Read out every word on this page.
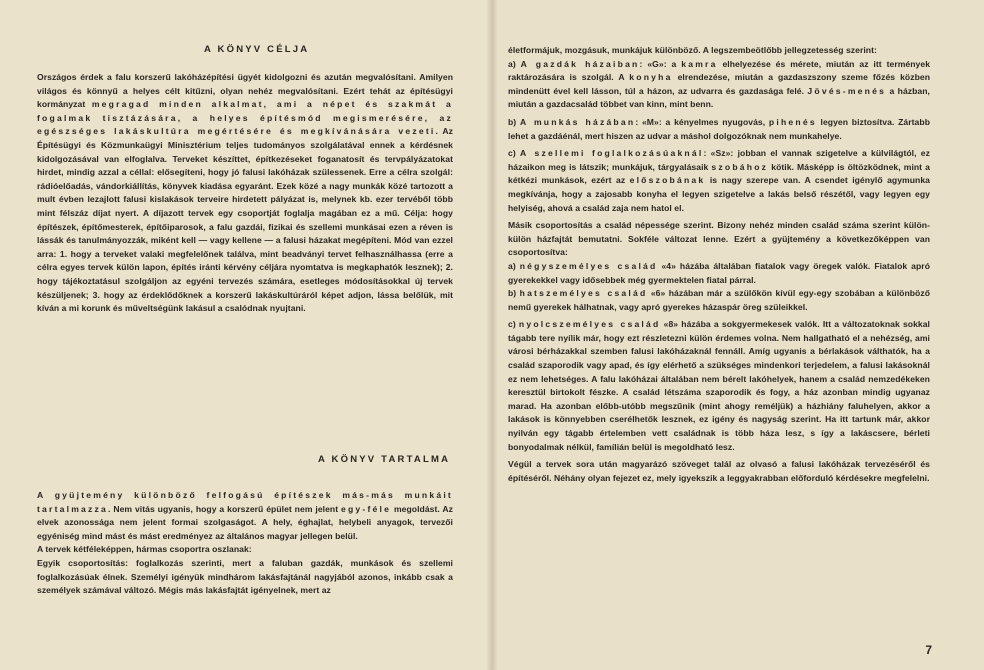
A KÖNYV CÉLJA

Országos érdek a falu korszerű lakóházépítési ügyét kidolgozni és azután megvalósítani. Amilyen világos és könnyű a helyes célt kitűzni, olyan nehéz megvalósítani. Ezért tehát az építésügyi kormányzat megragad minden alkalmat, ami a népet és szakmát a fogalmak tisztázására, a helyes építésmód megismerésére, az egészséges lakáskultúra megértésére és megkívánására vezeti. Az Építésügyi és Közmunkaügyi Minisztérium teljes tudományos szolgálatával ennek a kérdésnek kidolgozásával van elfoglalva. Terveket készíttet, építkezéseket foganatosít és tervpályázatokat hirdet, mindig azzal a céllal: elősegíteni, hogy jó falusi lakóházak szülessenek. Erre a célra szolgál: rádióelőadás, vándorkiállítás, könyvek kiadása egyaránt. Ezek közé a nagy munkák közé tartozott a mult évben lezajlott falusi kislakások terveire hirdetett pályázat is, melynek kb. ezer tervéből több mint félszáz díjat nyert. A díjazott tervek egy csoportját foglalja magában ez a mű. Célja: hogy építészek, építőmesterek, építőiparosok, a falu gazdái, fizikai és szellemi munkásai ezen a réven is lássák és tanulmányozzák, miként kell — vagy kellene — a falusi házakat megépíteni. Mód van ezzel arra: 1. hogy a terveket valaki megfelelőnek találva, mint beadványi tervet felhasználhassa (erre a célra egyes tervek külön lapon, építés iránti kérvény céljára nyomtatva is megkaphatók lesznek); 2. hogy tájékoztatásul szolgáljon az egyéni tervezés számára, esetleges módosításokkal új tervek készüljenek; 3. hogy az érdeklődőknek a korszerű lakáskultúráról képet adjon, lássa belőlük, mit kíván a mi korunk és műveltségünk lakásul a csalódnak nyujtani.

A KÖNYV TARTALMA

A gyüjtemény különböző felfogású építészek más-más munkáit tartalmazza. Nem vitás ugyanis, hogy a korszerű épület nem jelent egy-féle megoldást. Az elvek azonossága nem jelent formai szolgaságot. A hely, éghajlat, helybeli anyagok, tervezői egyéniség mind mást és mást eredményez az általános magyar jellegen belül.

A tervek kétféleképpen, hármas csoportra oszlanak:

Egyik csoportosítás: foglalkozás szerinti, mert a faluban gazdák, munkások és szellemi foglalkozásúak élnek. Személyi igényük mindhárom lakásfajtánál nagyjából azonos, inkább csak a személyek számával változó. Mégis más lakásfajtát igényelnek, mert az

életformájuk, mozgásuk, munkájuk különböző. A legszembeötlőbb jellegzetesség szerint:

a) A gazdák házaiban: «G»: a kamra elhelyezése és mérete, miután az itt termények raktározására is szolgál. A konyha elrendezése, miután a gazdaszszony szeme főzés közben mindenütt ével kell lásson, túl a házon, az udvarra és gazdasága felé. Jövés-menés a házban, miután a gazdacsalád többet van kinn, mint benn.

b) A munkás házában: «M»: a kényelmes nyugovás, pihenés legyen biztosítva. Zártabb lehet a gazdáénál, mert hiszen az udvar a máshol dolgozóknak nem munkahelye.

c) A szellemi foglalkozásúaknál: «Sz»: jobban el vannak szigetelve a külvilágtól, ez házaikon meg is látszik; munkájuk, tárgyalásaik szobához kötik. Másképp is öltözködnek, mint a kétkézi munkások, ezért az előszobának is nagy szerepe van. A csendet igénylő agymunka megkívánja, hogy a zajosabb konyha el legyen szigetelve a lakás belső részétől, vagy legyen egy helyiség, ahová a család zaja nem hatol el.

Másik csoportosítás a család népessége szerint. Bizony nehéz minden család száma szerint külön-külön házfajtát bemutatni. Sokféle változat lenne. Ezért a gyüjtemény a következőképpen van csoportosítva:

a) négyszemélyes család «4» házába általában fiatalok vagy öregek valók. Fiatalok apró gyerekekkel vagy idősebbek még gyermektelen fiatal párral.

b) hatszemélyes család «6» házában már a szülőkön kívül egy-egy szobában a különböző nemű gyerekek hálhatnak, vagy apró gyerekes házaspár öreg szüleikkel.

c) nyolcszemélyes család «8» házába a sokgyermekesek valók. Itt a változatoknak sokkal tágabb tere nyílik már, hogy ezt részletezni külön érdemes volna. Nem hallgatható el a nehézség, ami városi bérházakkal szemben falusi lakóházaknál fennáll. Amíg ugyanis a bérlakások válthatók, ha a család szaporodik vagy apad, és így elérhető a szükséges mindenkori terjedelem, a falusi lakásoknál ez nem lehetséges. A falu lakóházai általában nem bérelt lakóhelyek, hanem a család nemzedékeken keresztül birtokolt fészke. A család létszáma szaporodik és fogy, a ház azonban mindig ugyanaz marad. Ha azonban előbb-utóbb megszűnik (mint ahogy reméljük) a házhiány faluhelyen, akkor a lakások is könnyebben cserélhetők lesznek, ez igény és nagyság szerint. Ha itt tartunk már, akkor nyilván egy tágabb értelemben vett családnak is több háza lesz, s így a lakáscsere, bérleti bonyodalmak nélkül, famílián belül is megoldható lesz.

Végül a tervek sora után magyarázó szöveget talál az olvasó a falusi lakóházak tervezéséről és építéséről. Néhány olyan fejezet ez, mely igyekszik a leggyakrabban előforduló kérdésekre megfelelni.

7
